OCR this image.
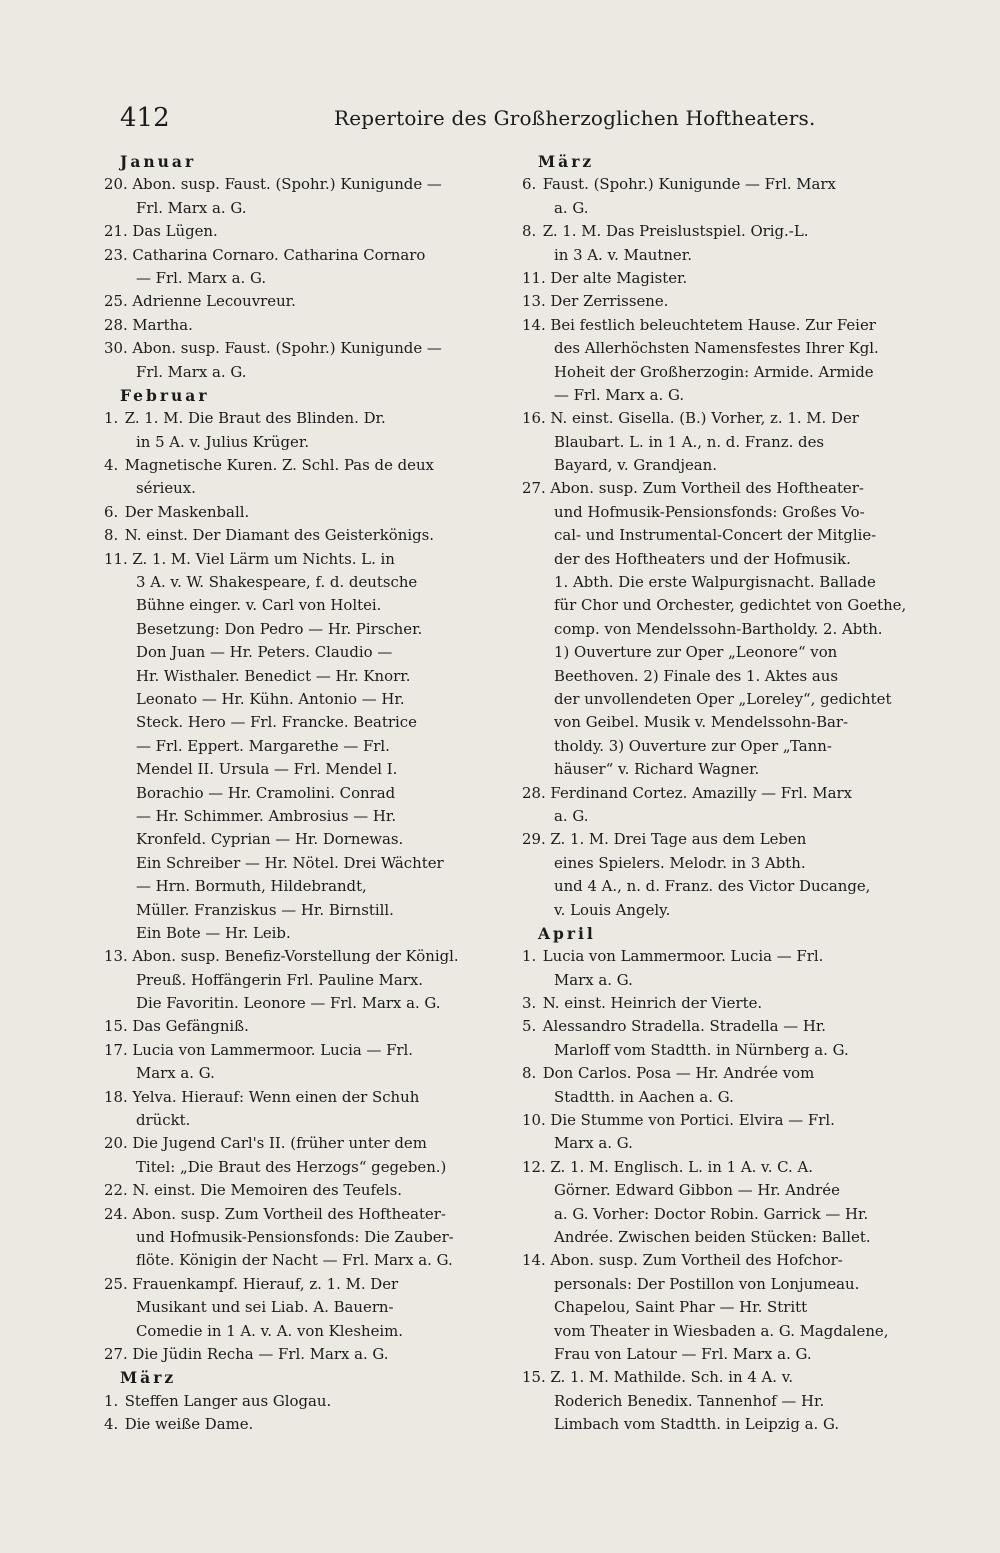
412	Repertoire des Großherzoglichen Hoftheaters.
Januar
20. Abon. susp. Faust. (Spohr.) Kunigunde —
Frl. Marx a. G.
21. Das Lügen.
23. Catharina Cornaro. Catharina Cornaro
— Frl. Marx a. G.
25. Adrienne Lecouvreur.
28. Martha.
30. Abon. susp. Faust. (Spohr.) Kunigunde —
Frl. Marx a. G.
Februar
1. Z. 1. M. Die Braut des Blinden. Dr.
in 5 A. v. Julius Krüger.
4. Magnetische Kuren. Z. Schl. Pas de deux
sérieux.
6. Der Maskenball.
8. N. einst. Der Diamant des Geisterkönigs.
11. Z. 1. M. Viel Lärm um Nichts. L. in
3 A. v. W. Shakespeare, f. d. deutsche
Bühne einger. v. Carl von Holtei.
Besetzung: Don Pedro — Hr. Pirscher.
Don Juan — Hr. Peters. Claudio —
Hr. Wisthaler. Benedict — Hr. Knorr.
Leonato — Hr. Kühn. Antonio — Hr.
Steck. Hero — Frl. Francke. Beatrice
— Frl. Eppert. Margarethe — Frl.
Mendel II. Ursula — Frl. Mendel I.
Borachio — Hr. Cramolini. Conrad
— Hr. Schimmer. Ambrosius — Hr.
Kronfeld. Cyprian — Hr. Dornewas.
Ein Schreiber — Hr. Nötel. Drei Wächter
— Hrn. Bormuth, Hildebrandt,
Müller. Franziskus — Hr. Birnstill.
Ein Bote — Hr. Leib.
13. Abon. susp. Benefiz-Vorstellung der Königl.
Preuß. Hoffängerin Frl. Pauline Marx.
Die Favoritin. Leonore — Frl. Marx a. G.
15. Das Gefängniß.
17. Lucia von Lammermoor. Lucia — Frl.
Marx a. G.
18. Yelva. Hierauf: Wenn einen der Schuh
drückt.
20. Die Jugend Carl's II. (früher unter dem
Titel: „Die Braut des Herzogs“ gegeben.)
22. N. einst. Die Memoiren des Teufels.
24. Abon. susp. Zum Vortheil des Hoftheater-
und Hofmusik-Pensionsfonds: Die Zauber-
flöte. Königin der Nacht — Frl. Marx a. G.
25. Frauenkampf. Hierauf, z. 1. M. Der
Musikant und sei Liab. A. Bauern-
Comedie in 1 A. v. A. von Klesheim.
27. Die Jüdin Recha — Frl. Marx a. G.
März
1. Steffen Langer aus Glogau.
4. Die weiße Dame.
März
6. Faust. (Spohr.) Kunigunde — Frl. Marx
a. G.
8. Z. 1. M. Das Preislustspiel. Orig.-L.
in 3 A. v. Mautner.
11. Der alte Magister.
13. Der Zerrissene.
14. Bei festlich beleuchtetem Hause. Zur Feier
des Allerhöchsten Namensfestes Ihrer Kgl.
Hoheit der Großherzogin: Armide. Armide
— Frl. Marx a. G.
16. N. einst. Gisella. (B.) Vorher, z. 1. M. Der
Blaubart. L. in 1 A., n. d. Franz. des
Bayard, v. Grandjean.
27. Abon. susp. Zum Vortheil des Hoftheater-
und Hofmusik-Pensionsfonds: Großes Vo-
cal- und Instrumental-Concert der Mitglie-
der des Hoftheaters und der Hofmusik.
1. Abth. Die erste Walpurgisnacht. Ballade
für Chor und Orchester, gedichtet von Goethe,
comp. von Mendelssohn-Bartholdy. 2. Abth.
1) Ouverture zur Oper „Leonore“ von
Beethoven. 2) Finale des 1. Aktes aus
der unvollendeten Oper „Loreley“, gedichtet
von Geibel. Musik v. Mendelssohn-Bar-
tholdy. 3) Ouverture zur Oper „Tann-
häuser“ v. Richard Wagner.
28. Ferdinand Cortez. Amazilly — Frl. Marx
a. G.
29. Z. 1. M. Drei Tage aus dem Leben
eines Spielers. Melodr. in 3 Abth.
und 4 A., n. d. Franz. des Victor Ducange,
v. Louis Angely.
April
1. Lucia von Lammermoor. Lucia — Frl.
Marx a. G.
3. N. einst. Heinrich der Vierte.
5. Alessandro Stradella. Stradella — Hr.
Marloff vom Stadtth. in Nürnberg a. G.
8. Don Carlos. Posa — Hr. Andrée vom
Stadtth. in Aachen a. G.
10. Die Stumme von Portici. Elvira — Frl.
Marx a. G.
12. Z. 1. M. Englisch. L. in 1 A. v. C. A.
Görner. Edward Gibbon — Hr. Andrée
a. G. Vorher: Doctor Robin. Garrick — Hr.
Andrée. Zwischen beiden Stücken: Ballet.
14. Abon. susp. Zum Vortheil des Hofchor-
personals: Der Postillon von Lonjumeau.
Chapelou, Saint Phar — Hr. Stritt
vom Theater in Wiesbaden a. G. Magdalene,
Frau von Latour — Frl. Marx a. G.
15. Z. 1. M. Mathilde. Sch. in 4 A. v.
Roderich Benedix. Tannenhof — Hr.
Limbach vom Stadtth. in Leipzig a. G.
